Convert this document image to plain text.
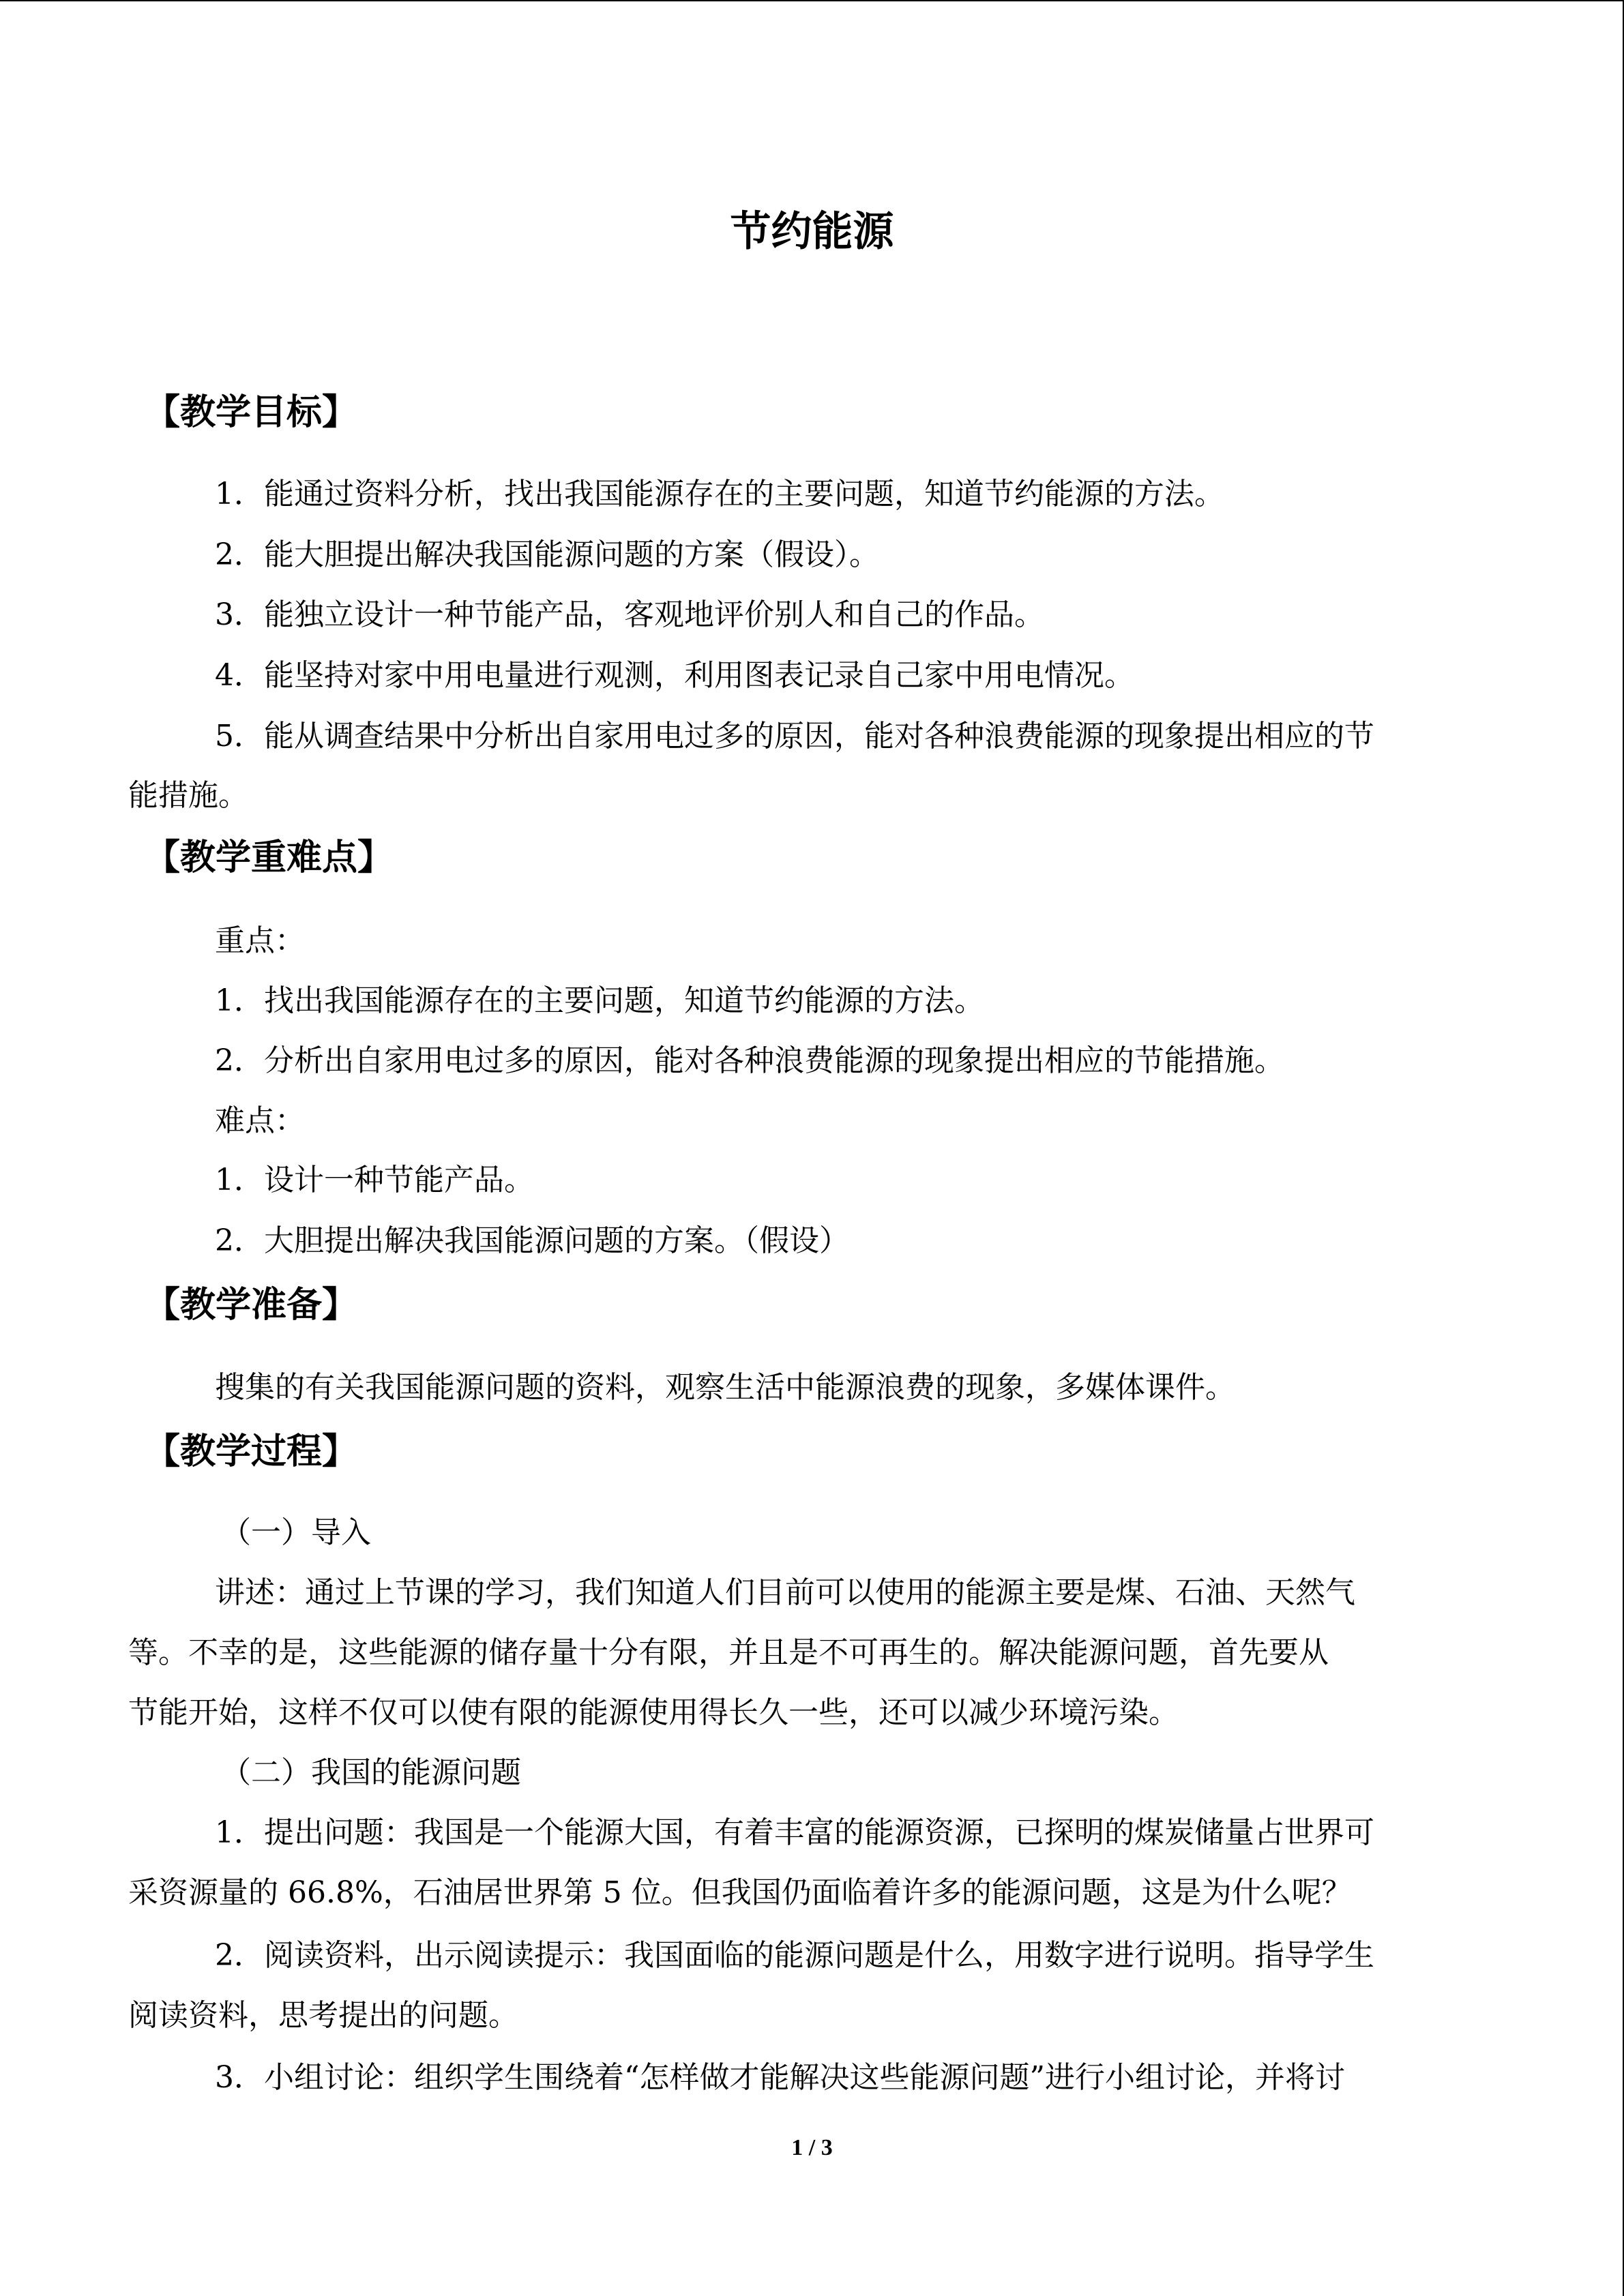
节约能源
【教学目标】
1．能通过资料分析，找出我国能源存在的主要问题，知道节约能源的方法。
2．能大胆提出解决我国能源问题的方案（假设）。
3．能独立设计一种节能产品，客观地评价别人和自己的作品。
4．能坚持对家中用电量进行观测，利用图表记录自己家中用电情况。
5．能从调查结果中分析出自家用电过多的原因，能对各种浪费能源的现象提出相应的节
能措施。
【教学重难点】
重点：
1．找出我国能源存在的主要问题，知道节约能源的方法。
2．分析出自家用电过多的原因，能对各种浪费能源的现象提出相应的节能措施。
难点：
1．设计一种节能产品。
2．大胆提出解决我国能源问题的方案。（假设）
【教学准备】
搜集的有关我国能源问题的资料，观察生活中能源浪费的现象，多媒体课件。
【教学过程】
（一）导入
讲述：通过上节课的学习，我们知道人们目前可以使用的能源主要是煤、石油、天然气
等。不幸的是，这些能源的储存量十分有限，并且是不可再生的。解决能源问题，首先要从
节能开始，这样不仅可以使有限的能源使用得长久一些，还可以减少环境污染。
（二）我国的能源问题
1．提出问题：我国是一个能源大国，有着丰富的能源资源，已探明的煤炭储量占世界可
采资源量的 66.8%，石油居世界第 5 位。但我国仍面临着许多的能源问题，这是为什么呢？
2．阅读资料，出示阅读提示：我国面临的能源问题是什么，用数字进行说明。指导学生
阅读资料，思考提出的问题。
3．小组讨论：组织学生围绕着“怎样做才能解决这些能源问题”进行小组讨论，并将讨
1 / 3
